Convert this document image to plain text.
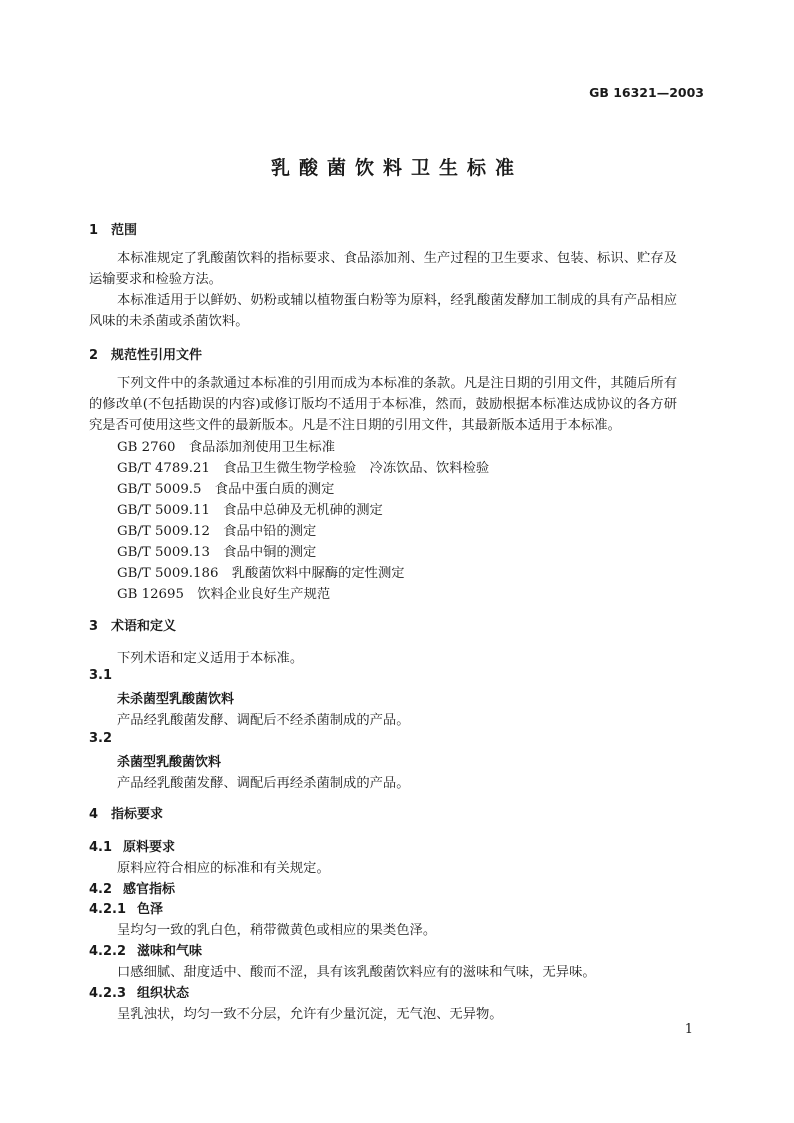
GB 16321—2003
乳酸菌饮料卫生标准
1 范围
本标准规定了乳酸菌饮料的指标要求、食品添加剂、生产过程的卫生要求、包装、标识、贮存及运输要求和检验方法。
本标准适用于以鲜奶、奶粉或辅以植物蛋白粉等为原料，经乳酸菌发酵加工制成的具有产品相应风味的未杀菌或杀菌饮料。
2 规范性引用文件
下列文件中的条款通过本标准的引用而成为本标准的条款。凡是注日期的引用文件，其随后所有的修改单(不包括勘误的内容)或修订版均不适用于本标准，然而，鼓励根据本标准达成协议的各方研究是否可使用这些文件的最新版本。凡是不注日期的引用文件，其最新版本适用于本标准。
GB 2760　食品添加剂使用卫生标准
GB/T 4789.21　食品卫生微生物学检验　冷冻饮品、饮料检验
GB/T 5009.5　食品中蛋白质的测定
GB/T 5009.11　食品中总砷及无机砷的测定
GB/T 5009.12　食品中铅的测定
GB/T 5009.13　食品中铜的测定
GB/T 5009.186　乳酸菌饮料中脲酶的定性测定
GB 12695　饮料企业良好生产规范
3 术语和定义
下列术语和定义适用于本标准。
3.1
未杀菌型乳酸菌饮料
产品经乳酸菌发酵、调配后不经杀菌制成的产品。
3.2
杀菌型乳酸菌饮料
产品经乳酸菌发酵、调配后再经杀菌制成的产品。
4 指标要求
4.1 原料要求
原料应符合相应的标准和有关规定。
4.2 感官指标
4.2.1 色泽
呈均匀一致的乳白色，稍带微黄色或相应的果类色泽。
4.2.2 滋味和气味
口感细腻、甜度适中、酸而不涩，具有该乳酸菌饮料应有的滋味和气味，无异味。
4.2.3 组织状态
呈乳浊状，均匀一致不分层，允许有少量沉淀，无气泡、无异物。
1
